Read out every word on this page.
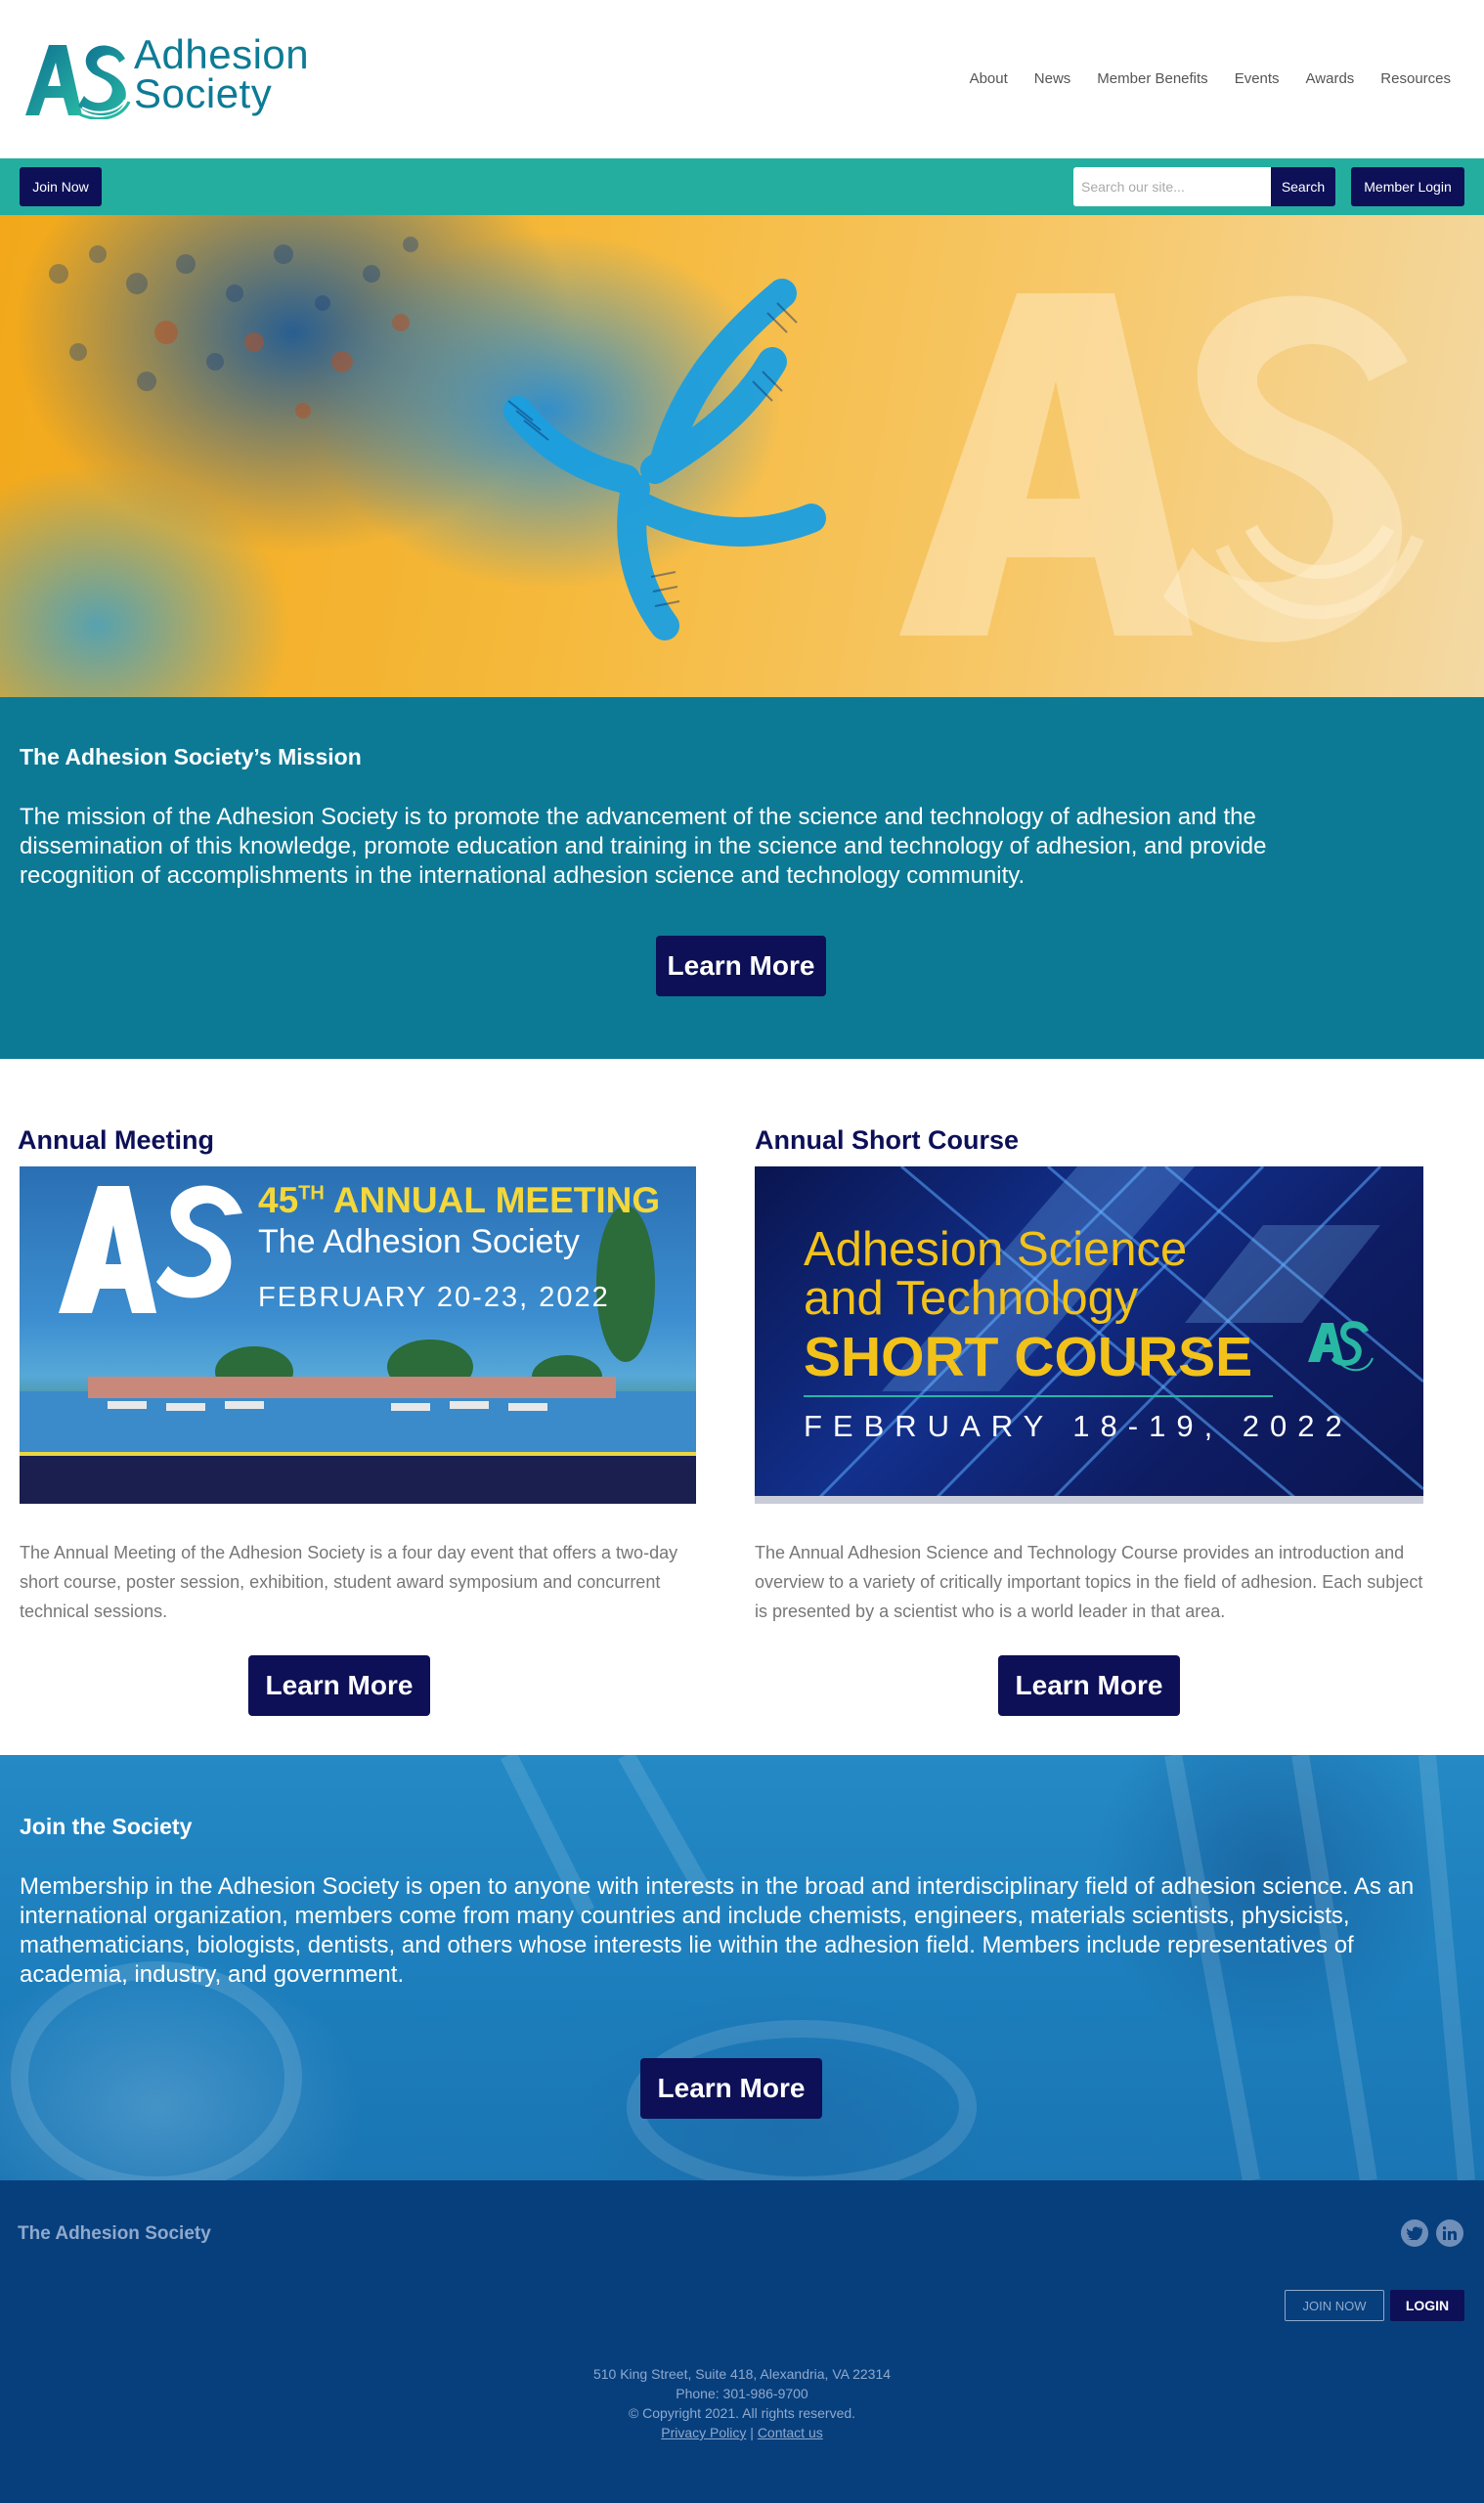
Adhesion
Society	About News Member Benefits Events Awards Resources
Join Now
Search our site...	Search	Member Login
The Adhesion Society’s Mission

The mission of the Adhesion Society is to promote the advancement of the science and technology of adhesion and the dissemination of this knowledge, promote education and training in the science and technology of adhesion, and provide recognition of accomplishments in the international adhesion science and technology community.

Learn More
Annual Meeting
45TH ANNUAL MEETING
The Adhesion Society
FEBRUARY 20-23, 2022

The Annual Meeting of the Adhesion Society is a four day event that offers a two-day short course, poster session, exhibition, student award symposium and concurrent technical sessions.

Learn More
Annual Short Course
Adhesion Science
and Technology
SHORT COURSE
FEBRUARY 18-19, 2022

The Annual Adhesion Science and Technology Course provides an introduction and overview to a variety of critically important topics in the field of adhesion. Each subject is presented by a scientist who is a world leader in that area.

Learn More
Join the Society

Membership in the Adhesion Society is open to anyone with interests in the broad and interdisciplinary field of adhesion science. As an international organization, members come from many countries and include chemists, engineers, materials scientists, physicists, mathematicians, biologists, dentists, and others whose interests lie within the adhesion field. Members include representatives of academia, industry, and government.

Learn More
The Adhesion Society
JOIN NOW	LOGIN
510 King Street, Suite 418, Alexandria, VA 22314
Phone: 301-986-9700
© Copyright 2021. All rights reserved.
Privacy Policy | Contact us
